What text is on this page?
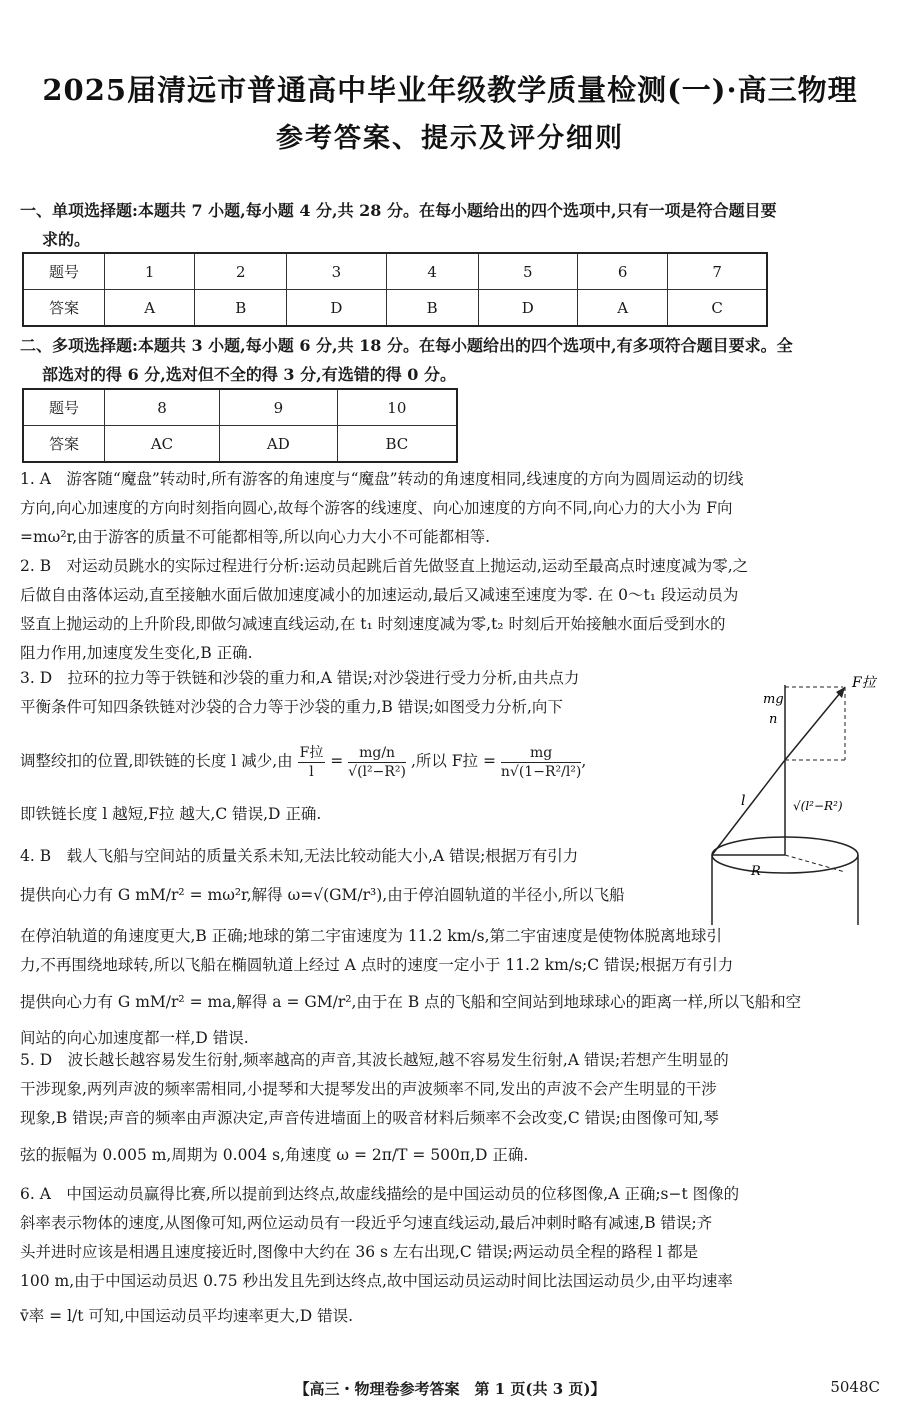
2025届清远市普通高中毕业年级教学质量检测(一)·高三物理
参考答案、提示及评分细则
一、单项选择题:本题共 7 小题,每小题 4 分,共 28 分。在每小题给出的四个选项中,只有一项是符合题目要
求的。
题号	1	2	3	4	5	6	7
答案	A	B	D	B	D	A	C
二、多项选择题:本题共 3 小题,每小题 6 分,共 18 分。在每小题给出的四个选项中,有多项符合题目要求。全
部选对的得 6 分,选对但不全的得 3 分,有选错的得 0 分。
题号	8	9	10
答案	AC	AD	BC
1. A　游客随“魔盘”转动时,所有游客的角速度与“魔盘”转动的角速度相同,线速度的方向为圆周运动的切线
方向,向心加速度的方向时刻指向圆心,故每个游客的线速度、向心加速度的方向不同,向心力的大小为 F向
=mω²r,由于游客的质量不可能都相等,所以向心力大小不可能都相等.
2. B　对运动员跳水的实际过程进行分析:运动员起跳后首先做竖直上抛运动,运动至最高点时速度减为零,之
后做自由落体运动,直至接触水面后做加速度减小的加速运动,最后又减速至速度为零. 在 0～t₁ 段运动员为
竖直上抛运动的上升阶段,即做匀减速直线运动,在 t₁ 时刻速度减为零,t₂ 时刻后开始接触水面后受到水的
阻力作用,加速度发生变化,B 正确.
3. D　拉环的拉力等于铁链和沙袋的重力和,A 错误;对沙袋进行受力分析,由共点力
平衡条件可知四条铁链对沙袋的合力等于沙袋的重力,B 错误;如图受力分析,向下
调整绞扣的位置,即铁链的长度 l 减少,由 $\frac{\text{F拉}}{l} = \frac{mg/n}{\text{√(l²−R²)}}$ ,所以 F拉 = $\frac{mg}{\text{n√(1−R²/l²)}}$ ,
即铁链长度 l 越短,F拉 越大,C 错误,D 正确.
F拉
mg
n
l	√(l²−R²)
R
4. B　载人飞船与空间站的质量关系未知,无法比较动能大小,A 错误;根据万有引力
提供向心力有 G mM/r² = mω²r,解得 ω=√(GM/r³),由于停泊圆轨道的半径小,所以飞船
在停泊轨道的角速度更大,B 正确;地球的第二宇宙速度为 11.2 km/s,第二宇宙速度是使物体脱离地球引
力,不再围绕地球转,所以飞船在椭圆轨道上经过 A 点时的速度一定小于 11.2 km/s;C 错误;根据万有引力
提供向心力有 G mM/r² = ma,解得 a = GM/r²,由于在 B 点的飞船和空间站到地球球心的距离一样,所以飞船和空
间站的向心加速度都一样,D 错误.
5. D　波长越长越容易发生衍射,频率越高的声音,其波长越短,越不容易发生衍射,A 错误;若想产生明显的
干涉现象,两列声波的频率需相同,小提琴和大提琴发出的声波频率不同,发出的声波不会产生明显的干涉
现象,B 错误;声音的频率由声源决定,声音传进墙面上的吸音材料后频率不会改变,C 错误;由图像可知,琴
弦的振幅为 0.005 m,周期为 0.004 s,角速度 ω = 2π/T = 500π,D 正确.
6. A　中国运动员赢得比赛,所以提前到达终点,故虚线描绘的是中国运动员的位移图像,A 正确;s−t 图像的
斜率表示物体的速度,从图像可知,两位运动员有一段近乎匀速直线运动,最后冲刺时略有减速,B 错误;齐
头并进时应该是相遇且速度接近时,图像中大约在 36 s 左右出现,C 错误;两运动员全程的路程 l 都是
100 m,由于中国运动员迟 0.75 秒出发且先到达终点,故中国运动员运动时间比法国运动员少,由平均速率
v̄率 = l/t 可知,中国运动员平均速率更大,D 错误.
【高三・物理卷参考答案　第 1 页(共 3 页)】	5048C
